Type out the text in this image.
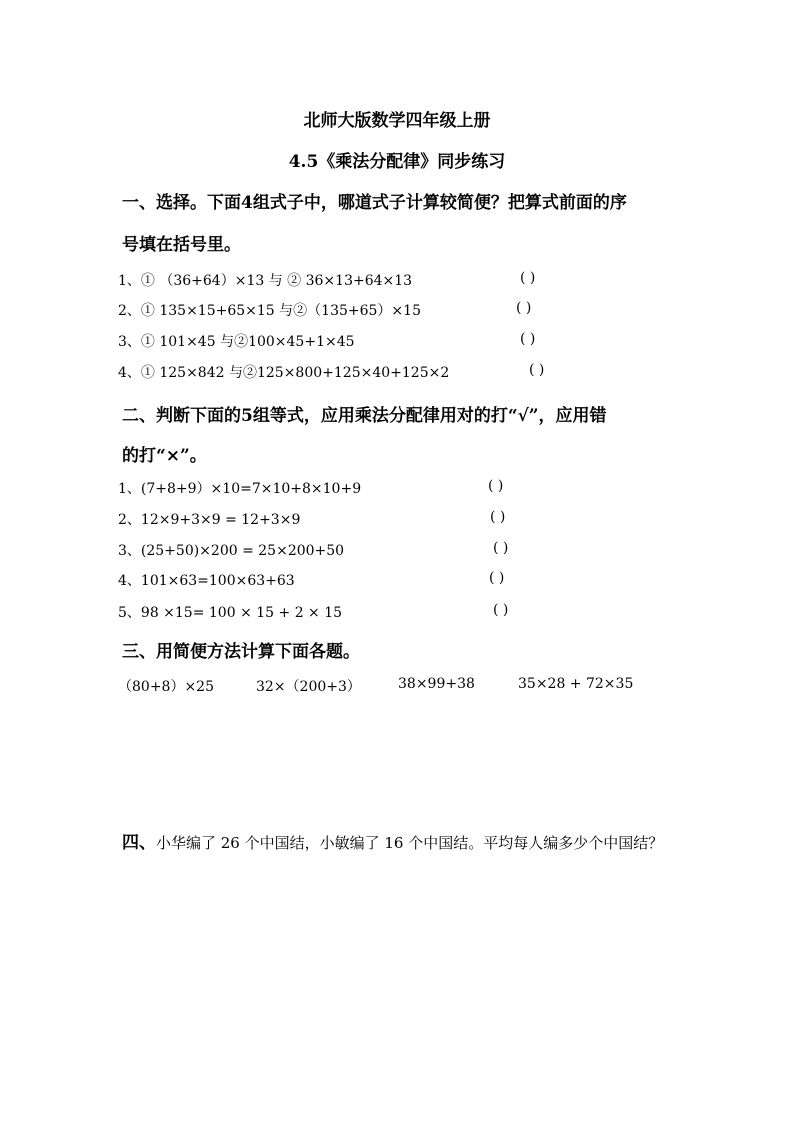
北师大版数学四年级上册
4.5《乘法分配律》同步练习
一、选择。下面4组式子中，哪道式子计算较简便？把算式前面的序
号填在括号里。
1、① （36+64）×13 与 ② 36×13+64×13	( )
2、① 135×15+65×15 与②（135+65）×15	( )
3、① 101×45 与②100×45+1×45	( )
4、① 125×842 与②125×800+125×40+125×2	( )
二、判断下面的5组等式，应用乘法分配律用对的打“√”，应用错
的打“×”。
1、(7+8+9）×10=7×10+8×10+9	( )
2、12×9+3×9 = 12+3×9	( )
3、(25+50)×200 = 25×200+50	( )
4、101×63=100×63+63	( )
5、98 ×15= 100 × 15 + 2 × 15	( )
三、用简便方法计算下面各题。
（80+8）×25	32×（200+3）	38×99+38	35×28 + 72×35
四、小华编了 26 个中国结，小敏编了 16 个中国结。平均每人编多少个中国结？
